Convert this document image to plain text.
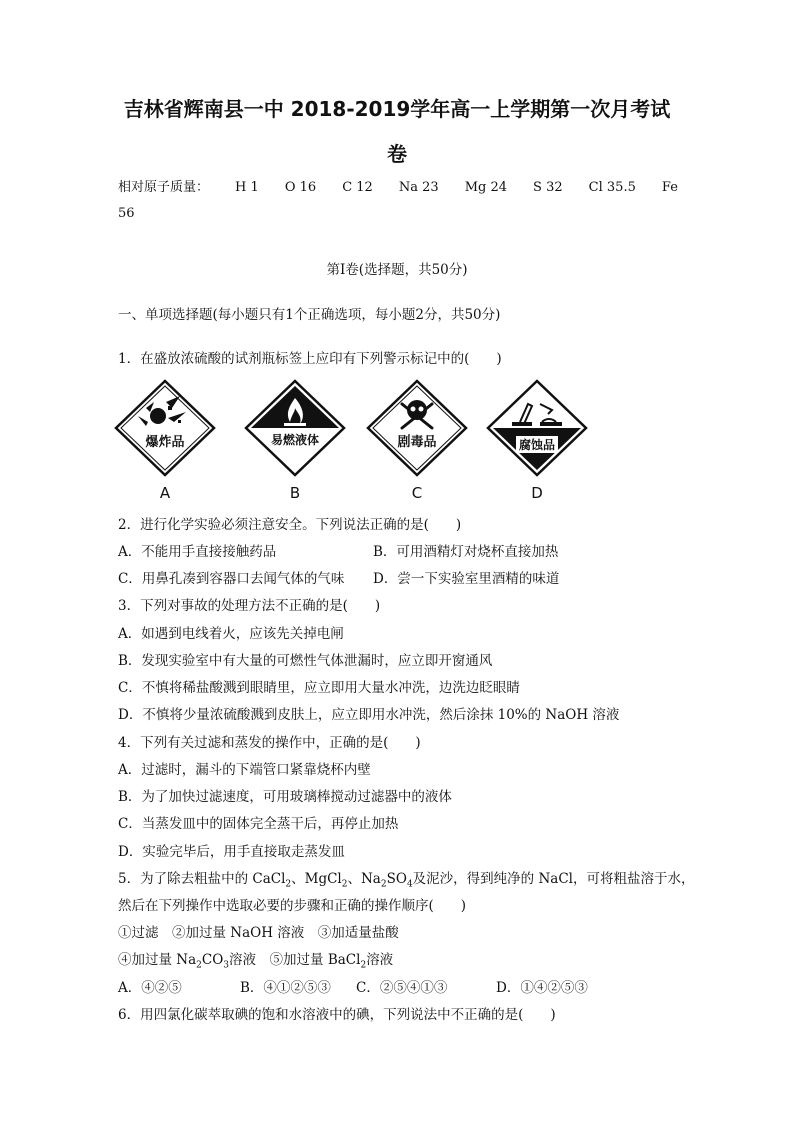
吉林省辉南县一中 2018-2019学年高一上学期第一次月考试
卷
相对原子质量： H 1 O 16 C 12 Na 23 Mg 24 S 32 Cl 35.5 Fe
56
第Ⅰ卷(选择题，共50分)
一、单项选择题(每小题只有1个正确选项，每小题2分，共50分)
1．在盛放浓硫酸的试剂瓶标签上应印有下列警示标记中的(　　)
爆炸品
A
易燃液体
B
剧毒品
C
腐蚀品
D
2．进行化学实验必须注意安全。下列说法正确的是(　　)
A．不能用手直接接触药品	B．可用酒精灯对烧杯直接加热
C．用鼻孔凑到容器口去闻气体的气味 D．尝一下实验室里酒精的味道
3．下列对事故的处理方法不正确的是(　　)
A．如遇到电线着火，应该先关掉电闸
B．发现实验室中有大量的可燃性气体泄漏时，应立即开窗通风
C．不慎将稀盐酸溅到眼睛里，应立即用大量水冲洗，边洗边眨眼睛
D．不慎将少量浓硫酸溅到皮肤上，应立即用水冲洗，然后涂抹 10%的 NaOH 溶液
4．下列有关过滤和蒸发的操作中，正确的是(　　)
A．过滤时，漏斗的下端管口紧靠烧杯内壁
B．为了加快过滤速度，可用玻璃棒搅动过滤器中的液体
C．当蒸发皿中的固体完全蒸干后，再停止加热
D．实验完毕后，用手直接取走蒸发皿
5．为了除去粗盐中的 CaCl$_2$、MgCl$_2$、$Na_2SO_4$及泥沙，得到纯净的 NaCl，可将粗盐溶于水，
然后在下列操作中选取必要的步骤和正确的操作顺序(　　)
①过滤　②加过量 NaOH 溶液　③加适量盐酸
④加过量 $Na_2CO_3$溶液　⑤加过量 BaCl$_2$溶液
A．④②⑤	B．④①②⑤③ C．②⑤④①③	D．①④②⑤③
6．用四氯化碳萃取碘的饱和水溶液中的碘，下列说法中不正确的是(　　)
